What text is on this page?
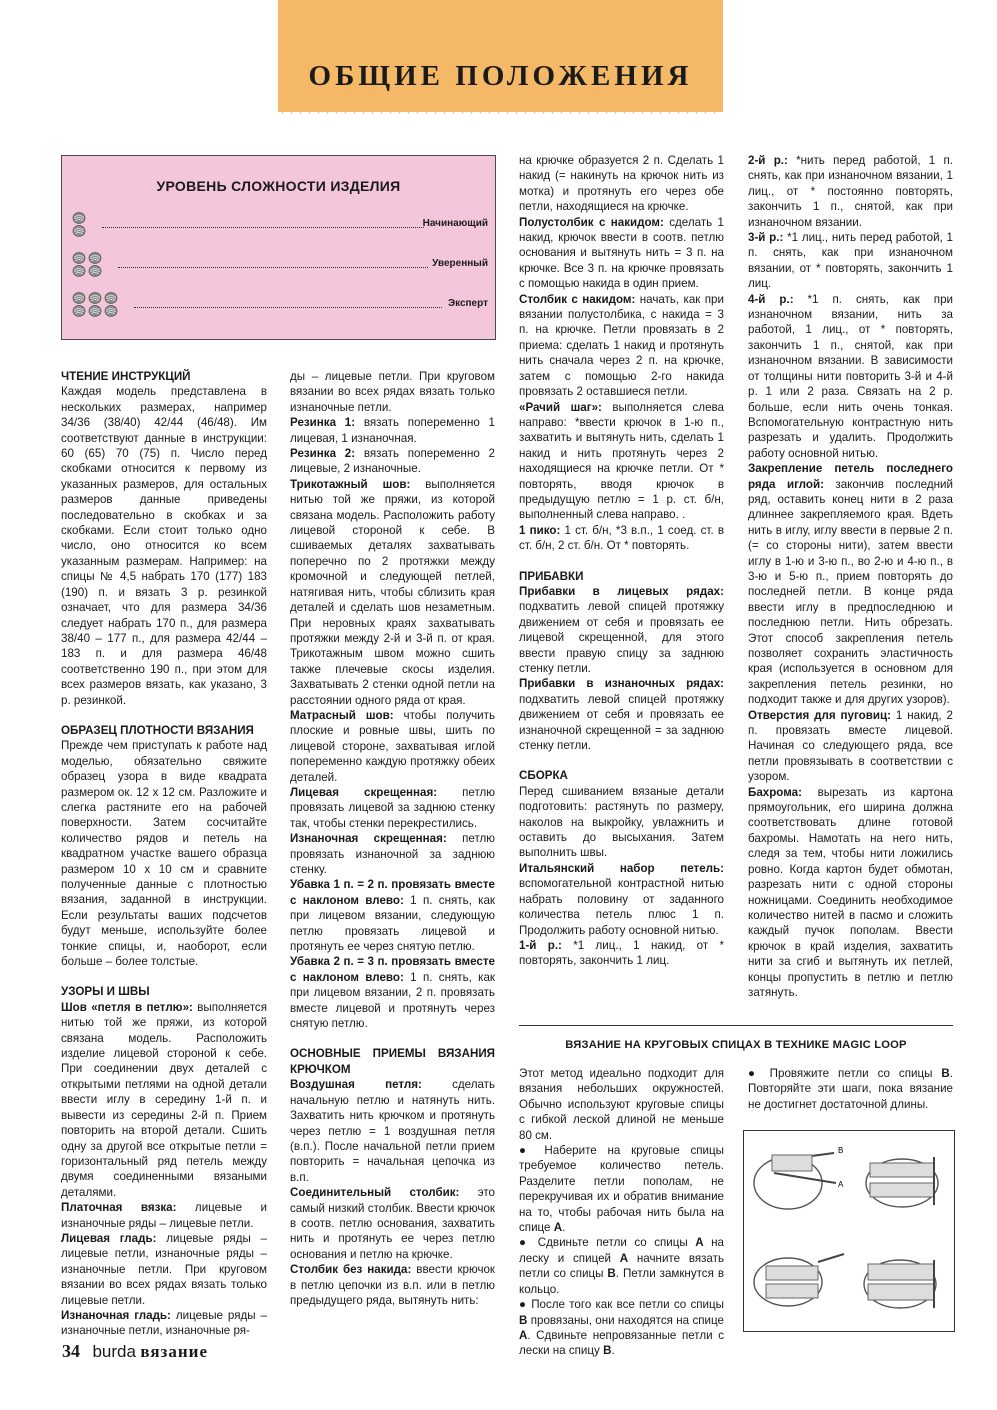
ОБЩИЕ ПОЛОЖЕНИЯ
УРОВЕНЬ СЛОЖНОСТИ ИЗДЕЛИЯ
Начинающий
Уверенный
Эксперт
ЧТЕНИЕ ИНСТРУКЦИЙ

Каждая модель представлена в нескольких размерах, например 34/36 (38/40) 42/44 (46/48). Им соответствуют данные в инструкции: 60 (65) 70 (75) п. Число перед скобками относится к первому из указанных размеров, для остальных размеров данные приведены последовательно в скобках и за скобками. Если стоит только одно число, оно относится ко всем указанным размерам. Например: на спицы № 4,5 набрать 170 (177) 183 (190) п. и вязать 3 р. резинкой означает, что для размера 34/36 следует набрать 170 п., для размера 38/40 – 177 п., для размера 42/44 – 183 п. и для размера 46/48 соответственно 190 п., при этом для всех размеров вязать, как указано, 3 р. резинкой.

ОБРАЗЕЦ ПЛОТНОСТИ ВЯЗАНИЯ

Прежде чем приступать к работе над моделью, обязательно свяжите образец узора в виде квадрата размером ок. 12 х 12 см. Разложите и слегка растяните его на рабочей поверхности. Затем сосчитайте количество рядов и петель на квадратном участке вашего образца размером 10 х 10 см и сравните полученные данные с плотностью вязания, заданной в инструкции. Если результаты ваших подсчетов будут меньше, используйте более тонкие спицы, и, наоборот, если больше – более толстые.

УЗОРЫ И ШВЫ

Шов «петля в петлю»: выполняется нитью той же пряжи, из которой связана модель. Расположить изделие лицевой стороной к себе. При соединении двух деталей с открытыми петлями на одной детали ввести иглу в середину 1-й п. и вывести из середины 2-й п. Прием повторить на второй детали. Сшить одну за другой все открытые петли = горизонтальный ряд петель между двумя соединенными вязаными деталями.

Платочная вязка: лицевые и изнаночные ряды – лицевые петли.

Лицевая гладь: лицевые ряды – лицевые петли, изнаночные ряды – изнаночные петли. При круговом вязании во всех рядах вязать только лицевые петли.

Изнаночная гладь: лицевые ряды – изнаночные петли, изнаночные ря-

ды – лицевые петли. При круговом вязании во всех рядах вязать только изнаночные петли.

Резинка 1: вязать попеременно 1 лицевая, 1 изнаночная.

Резинка 2: вязать попеременно 2 лицевые, 2 изнаночные.

Трикотажный шов: выполняется нитью той же пряжи, из которой связана модель. Расположить работу лицевой стороной к себе. В сшиваемых деталях захватывать поперечно по 2 протяжки между кромочной и следующей петлей, натягивая нить, чтобы сблизить края деталей и сделать шов незаметным. При неровных краях захватывать протяжки между 2-й и 3-й п. от края. Трикотажным швом можно сшить также плечевые скосы изделия. Захватывать 2 стенки одной петли на расстоянии одного ряда от края.

Матрасный шов: чтобы получить плоские и ровные швы, шить по лицевой стороне, захватывая иглой попеременно каждую протяжку обеих деталей.

Лицевая скрещенная: петлю провязать лицевой за заднюю стенку так, чтобы стенки перекрестились.

Изнаночная скрещенная: петлю провязать изнаночной за заднюю стенку.

Убавка 1 п. = 2 п. провязать вместе с наклоном влево: 1 п. снять, как при лицевом вязании, следующую петлю провязать лицевой и протянуть ее через снятую петлю.

Убавка 2 п. = 3 п. провязать вместе с наклоном влево: 1 п. снять, как при лицевом вязании, 2 п. провязать вместе лицевой и протянуть через снятую петлю.

ОСНОВНЫЕ ПРИЕМЫ ВЯЗАНИЯ КРЮЧКОМ

Воздушная петля: сделать начальную петлю и натянуть нить. Захватить нить крючком и протянуть через петлю = 1 воздушная петля (в.п.). После начальной петли прием повторить = начальная цепочка из в.п.

Соединительный столбик: это самый низкий столбик. Ввести крючок в соотв. петлю основания, захватить нить и протянуть ее через петлю основания и петлю на крючке.

Столбик без накида: ввести крючок в петлю цепочки из в.п. или в петлю предыдущего ряда, вытянуть нить:

на крючке образуется 2 п. Сделать 1 накид (= накинуть на крючок нить из мотка) и протянуть его через обе петли, находящиеся на крючке.

Полустолбик с накидом: сделать 1 накид, крючок ввести в соотв. петлю основания и вытянуть нить = 3 п. на крючке. Все 3 п. на крючке провязать с помощью накида в один прием.

Столбик с накидом: начать, как при вязании полустолбика, с накида = 3 п. на крючке. Петли провязать в 2 приема: сделать 1 накид и протянуть нить сначала через 2 п. на крючке, затем с помощью 2-го накида провязать 2 оставшиеся петли.

«Рачий шаг»: выполняется слева направо: *ввести крючок в 1-ю п., захватить и вытянуть нить, сделать 1 накид и нить протянуть через 2 находящиеся на крючке петли. От * повторять, вводя крючок в предыдущую петлю = 1 р. ст. б/н, выполненный слева направо. .

1 пико: 1 ст. б/н, *3 в.п., 1 соед. ст. в ст. б/н, 2 ст. б/н. От * повторять.

ПРИБАВКИ

Прибавки в лицевых рядах: подхватить левой спицей протяжку движением от себя и провязать ее лицевой скрещенной, для этого ввести правую спицу за заднюю стенку петли.

Прибавки в изнаночных рядах: подхватить левой спицей протяжку движением от себя и провязать ее изнаночной скрещенной = за заднюю стенку петли.

СБОРКА

Перед сшиванием вязаные детали подготовить: растянуть по размеру, наколов на выкройку, увлажнить и оставить до высыхания. Затем выполнить швы.

Итальянский набор петель: вспомогательной контрастной нитью набрать половину от заданного количества петель плюс 1 п. Продолжить работу основной нитью.

1-й р.: *1 лиц., 1 накид, от * повторять, закончить 1 лиц.

2-й р.: *нить перед работой, 1 п. снять, как при изнаночном вязании, 1 лиц., от * постоянно повторять, закончить 1 п., снятой, как при изнаночном вязании.

3-й р.: *1 лиц., нить перед работой, 1 п. снять, как при изнаночном вязании, от * повторять, закончить 1 лиц.

4-й р.: *1 п. снять, как при изнаночном вязании, нить за работой, 1 лиц., от * повторять, закончить 1 п., снятой, как при изнаночном вязании. В зависимости от толщины нити повторить 3-й и 4-й р. 1 или 2 раза. Связать на 2 р. больше, если нить очень тонкая. Вспомогательную контрастную нить разрезать и удалить. Продолжить работу основной нитью.

Закрепление петель последнего ряда иглой: закончив последний ряд, оставить конец нити в 2 раза длиннее закрепляемого края. Вдеть нить в иглу, иглу ввести в первые 2 п. (= со стороны нити), затем ввести иглу в 1-ю и 3-ю п., во 2-ю и 4-ю п., в 3-ю и 5-ю п., прием повторять до последней петли. В конце ряда ввести иглу в предпоследнюю и последнюю петли. Нить обрезать. Этот способ закрепления петель позволяет сохранить эластичность края (используется в основном для закрепления петель резинки, но подходит также и для других узоров).

Отверстия для пуговиц: 1 накид, 2 п. провязать вместе лицевой. Начиная со следующего ряда, все петли провязывать в соответствии с узором.

Бахрома: вырезать из картона прямоугольник, его ширина должна соответствовать длине готовой бахромы. Намотать на него нить, следя за тем, чтобы нити ложились ровно. Когда картон будет обмотан, разрезать нити с одной стороны ножницами. Соединить необходимое количество нитей в пасмо и сложить каждый пучок пополам. Ввести крючок в край изделия, захватить нити за сгиб и вытянуть их петлей, концы пропустить в петлю и петлю затянуть.

ВЯЗАНИЕ НА КРУГОВЫХ СПИЦАХ В ТЕХНИКЕ MAGIC LOOP

Этот метод идеально подходит для вязания небольших окружностей. Обычно используют круговые спицы с гибкой леской длиной не меньше 80 см.

● Наберите на круговые спицы требуемое количество петель. Разделите петли пополам, не перекручивая их и обратив внимание на то, чтобы рабочая нить была на спице А.

● Сдвиньте петли со спицы А на леску и спицей А начните вязать петли со спицы В. Петли замкнутся в кольцо.

● После того как все петли со спицы В провязаны, они находятся на спице А. Сдвиньте непровязанные петли с лески на спицу В.

● Провяжите петли со спицы В. Повторяйте эти шаги, пока вязание не достигнет достаточной длины.

В
А
34 burda вязание
